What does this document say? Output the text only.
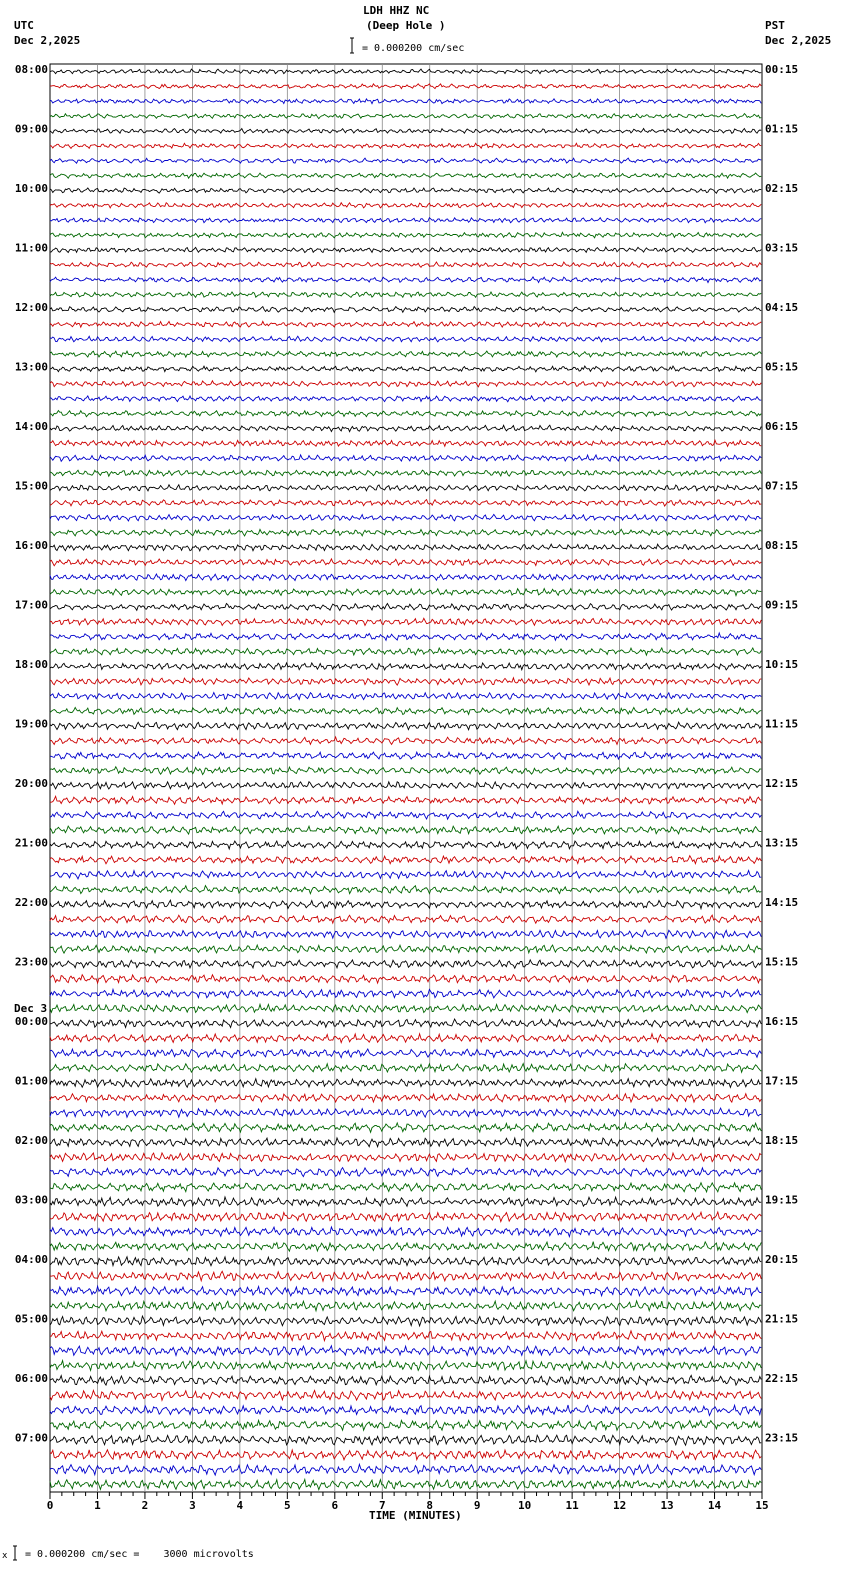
LDH HHZ NC
(Deep Hole )
UTC
Dec 2,2025
PST
Dec 2,2025
= 0.000200 cm/sec
Dec 3
x = 0.000200 cm/sec =    3000 microvolts
TIME (MINUTES)
0	1	2	3	4	5	6	7	8	9	10	11	12	13	14	15
08:00	00:15
09:00	01:15
10:00	02:15
11:00	03:15
12:00	04:15
13:00	05:15
14:00	06:15
15:00	07:15
16:00	08:15
17:00	09:15
18:00	10:15
19:00	11:15
20:00	12:15
21:00	13:15
22:00	14:15
23:00	15:15
00:00	16:15
01:00	17:15
02:00	18:15
03:00	19:15
04:00	20:15
05:00	21:15
06:00	22:15
07:00	23:15
